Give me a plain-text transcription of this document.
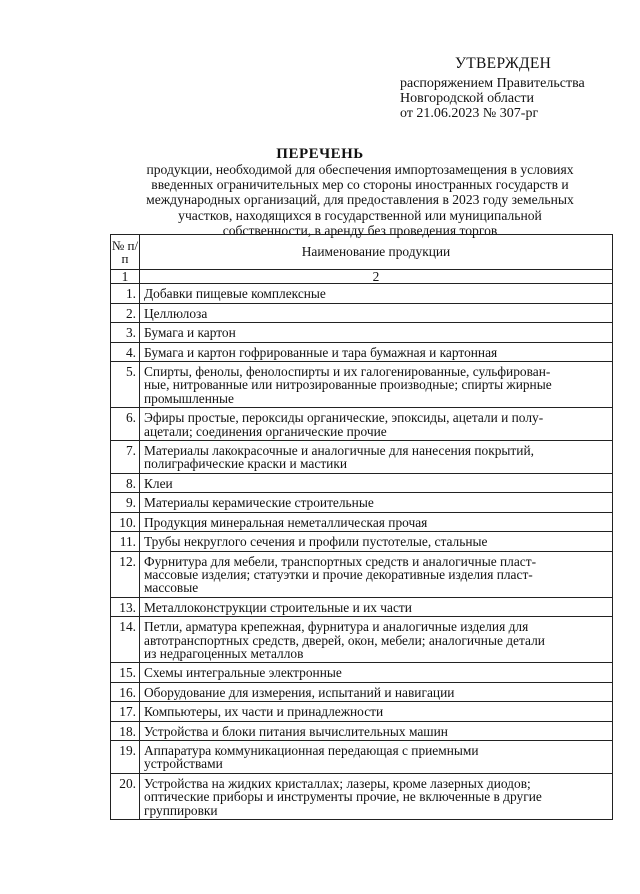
УТВЕРЖДЕН
распоряжением Правительства
Новгородской области
от 21.06.2023 № 307-рг
ПЕРЕЧЕНЬ
продукции, необходимой для обеспечения импортозамещения в условиях
введенных ограничительных мер со стороны иностранных государств и
международных организаций, для предоставления в 2023 году земельных
участков, находящихся в государственной или муниципальной
собственности, в аренду без проведения торгов
№ п/п	Наименование продукции
1	2
1.	Добавки пищевые комплексные

2.	Целлюлоза

3.	Бумага и картон

4.	Бумага и картон гофрированные и тара бумажная и картонная

5.	Спирты, фенолы, фенолоспирты и их галогенированные, сульфирован-
ные, нитрованные или нитрозированные производные; спирты жирные
промышленные

6.	Эфиры простые, пероксиды органические, эпоксиды, ацетали и полу-
ацетали; соединения органические прочие

7.	Материалы лакокрасочные и аналогичные для нанесения покрытий,
полиграфические краски и мастики

8.	Клеи

9.	Материалы керамические строительные

10.	Продукция минеральная неметаллическая прочая

11.	Трубы некруглого сечения и профили пустотелые, стальные

12.	Фурнитура для мебели, транспортных средств и аналогичные пласт-
массовые изделия; статуэтки и прочие декоративные изделия пласт-
массовые

13.	Металлоконструкции строительные и их части

14.	Петли, арматура крепежная, фурнитура и аналогичные изделия для
автотранспортных средств, дверей, окон, мебели; аналогичные детали
из недрагоценных металлов

15.	Схемы интегральные электронные

16.	Оборудование для измерения, испытаний и навигации

17.	Компьютеры, их части и принадлежности

18.	Устройства и блоки питания вычислительных машин

19.	Аппаратура коммуникационная передающая с приемными
устройствами

20.	Устройства на жидких кристаллах; лазеры, кроме лазерных диодов;
оптические приборы и инструменты прочие, не включенные в другие
группировки
